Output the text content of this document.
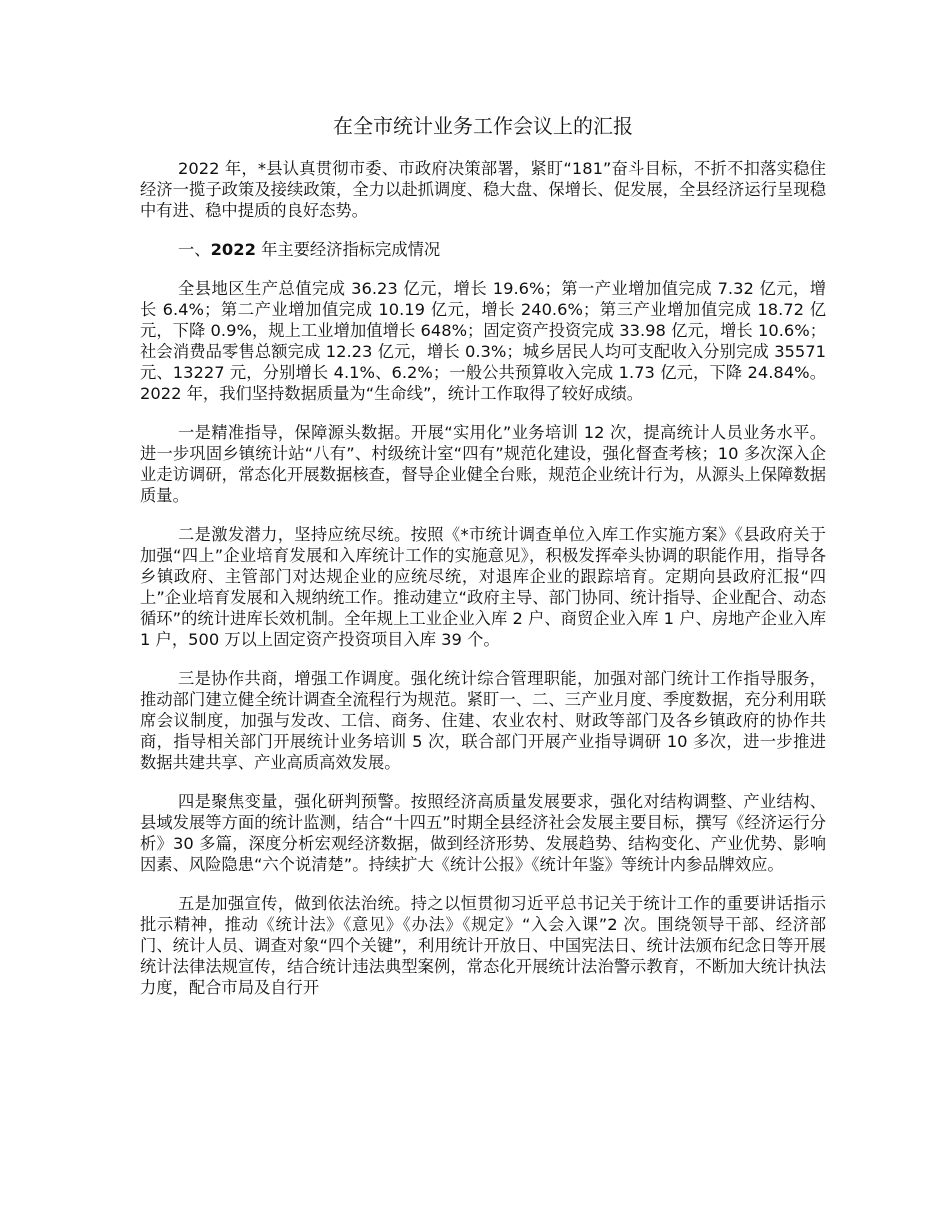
在全市统计业务工作会议上的汇报

2022 年，*县认真贯彻市委、市政府决策部署，紧盯“181”奋斗目标，不折不扣落实稳住经济一揽子政策及接续政策，全力以赴抓调度、稳大盘、保增长、促发展，全县经济运行呈现稳中有进、稳中提质的良好态势。

一、2022 年主要经济指标完成情况

全县地区生产总值完成 36.23 亿元，增长 19.6%；第一产业增加值完成 7.32 亿元，增长 6.4%；第二产业增加值完成 10.19 亿元，增长 240.6%；第三产业增加值完成 18.72 亿元，下降 0.9%，规上工业增加值增长 648%；固定资产投资完成 33.98 亿元，增长 10.6%；社会消费品零售总额完成 12.23 亿元，增长 0.3%；城乡居民人均可支配收入分别完成 35571 元、13227 元，分别增长 4.1%、6.2%；一般公共预算收入完成 1.73 亿元，下降 24.84%。2022 年，我们坚持数据质量为“生命线”，统计工作取得了较好成绩。

一是精准指导，保障源头数据。开展“实用化”业务培训 12 次，提高统计人员业务水平。进一步巩固乡镇统计站“八有”、村级统计室“四有”规范化建设，强化督查考核；10 多次深入企业走访调研，常态化开展数据核查，督导企业健全台账，规范企业统计行为，从源头上保障数据质量。

二是激发潜力，坚持应统尽统。按照《*市统计调查单位入库工作实施方案》《县政府关于加强“四上”企业培育发展和入库统计工作的实施意见》，积极发挥牵头协调的职能作用，指导各乡镇政府、主管部门对达规企业的应统尽统，对退库企业的跟踪培育。定期向县政府汇报“四上”企业培育发展和入规纳统工作。推动建立“政府主导、部门协同、统计指导、企业配合、动态循环”的统计进库长效机制。全年规上工业企业入库 2 户、商贸企业入库 1 户、房地产企业入库 1 户，500 万以上固定资产投资项目入库 39 个。

三是协作共商，增强工作调度。强化统计综合管理职能，加强对部门统计工作指导服务，推动部门建立健全统计调查全流程行为规范。紧盯一、二、三产业月度、季度数据，充分利用联席会议制度，加强与发改、工信、商务、住建、农业农村、财政等部门及各乡镇政府的协作共商，指导相关部门开展统计业务培训 5 次，联合部门开展产业指导调研 10 多次，进一步推进数据共建共享、产业高质高效发展。

四是聚焦变量，强化研判预警。按照经济高质量发展要求，强化对结构调整、产业结构、县域发展等方面的统计监测，结合“十四五”时期全县经济社会发展主要目标，撰写《经济运行分析》30 多篇，深度分析宏观经济数据，做到经济形势、发展趋势、结构变化、产业优势、影响因素、风险隐患“六个说清楚”。持续扩大《统计公报》《统计年鉴》等统计内参品牌效应。

五是加强宣传，做到依法治统。持之以恒贯彻习近平总书记关于统计工作的重要讲话指示批示精神，推动《统计法》《意见》《办法》《规定》“入会入课”2 次。围绕领导干部、经济部门、统计人员、调查对象“四个关键”，利用统计开放日、中国宪法日、统计法颁布纪念日等开展统计法律法规宣传，结合统计违法典型案例，常态化开展统计法治警示教育，不断加大统计执法力度，配合市局及自行开
